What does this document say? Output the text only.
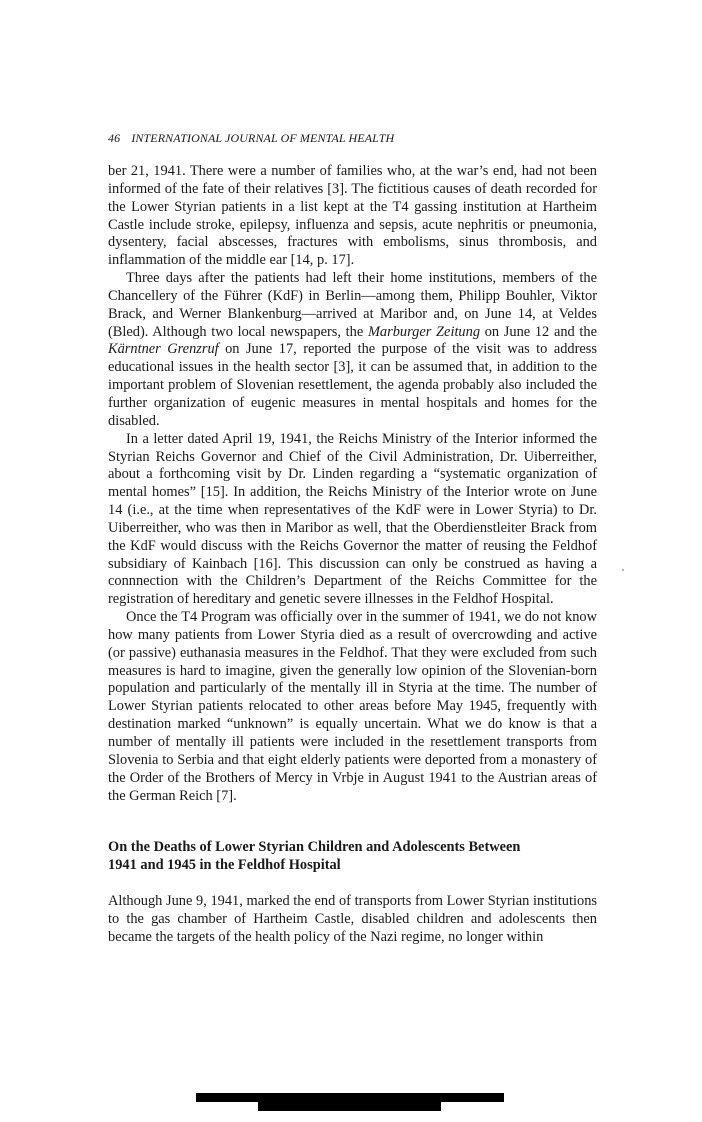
46 INTERNATIONAL JOURNAL OF MENTAL HEALTH

ber 21, 1941. There were a number of families who, at the war’s end, had not been informed of the fate of their relatives [3]. The fictitious causes of death recorded for the Lower Styrian patients in a list kept at the T4 gassing institution at Hartheim Castle include stroke, epilepsy, influenza and sepsis, acute nephritis or pneumonia, dysentery, facial abscesses, fractures with embolisms, sinus thrombosis, and inflammation of the middle ear [14, p. 17].

Three days after the patients had left their home institutions, members of the Chancellery of the Führer (KdF) in Berlin—among them, Philipp Bouhler, Viktor Brack, and Werner Blankenburg—arrived at Maribor and, on June 14, at Veldes (Bled). Although two local newspapers, the Marburger Zeitung on June 12 and the Kärntner Grenzruf on June 17, reported the purpose of the visit was to address educational issues in the health sector [3], it can be assumed that, in addition to the important problem of Slovenian resettlement, the agenda probably also included the further organization of eugenic measures in mental hospitals and homes for the disabled.

In a letter dated April 19, 1941, the Reichs Ministry of the Interior informed the Styrian Reichs Governor and Chief of the Civil Administration, Dr. Uiberreither, about a forthcoming visit by Dr. Linden regarding a “systematic organization of mental homes” [15]. In addition, the Reichs Ministry of the Interior wrote on June 14 (i.e., at the time when representatives of the KdF were in Lower Styria) to Dr. Uiberreither, who was then in Maribor as well, that the Oberdienstleiter Brack from the KdF would discuss with the Reichs Governor the matter of reusing the Feldhof subsidiary of Kainbach [16]. This discussion can only be construed as having a connnection with the Children’s Department of the Reichs Committee for the registration of hereditary and genetic severe illnesses in the Feldhof Hospital.

Once the T4 Program was officially over in the summer of 1941, we do not know how many patients from Lower Styria died as a result of overcrowding and active (or passive) euthanasia measures in the Feldhof. That they were excluded from such measures is hard to imagine, given the generally low opinion of the Slovenian-born population and particularly of the mentally ill in Styria at the time. The number of Lower Styrian patients relocated to other areas before May 1945, frequently with destination marked “unknown” is equally uncertain. What we do know is that a number of mentally ill patients were included in the resettlement transports from Slovenia to Serbia and that eight elderly patients were deported from a monastery of the Order of the Brothers of Mercy in Vrbje in August 1941 to the Austrian areas of the German Reich [7].

On the Deaths of Lower Styrian Children and Adolescents Between
1941 and 1945 in the Feldhof Hospital

Although June 9, 1941, marked the end of transports from Lower Styrian institutions to the gas chamber of Hartheim Castle, disabled children and adolescents then became the targets of the health policy of the Nazi regime, no longer within
